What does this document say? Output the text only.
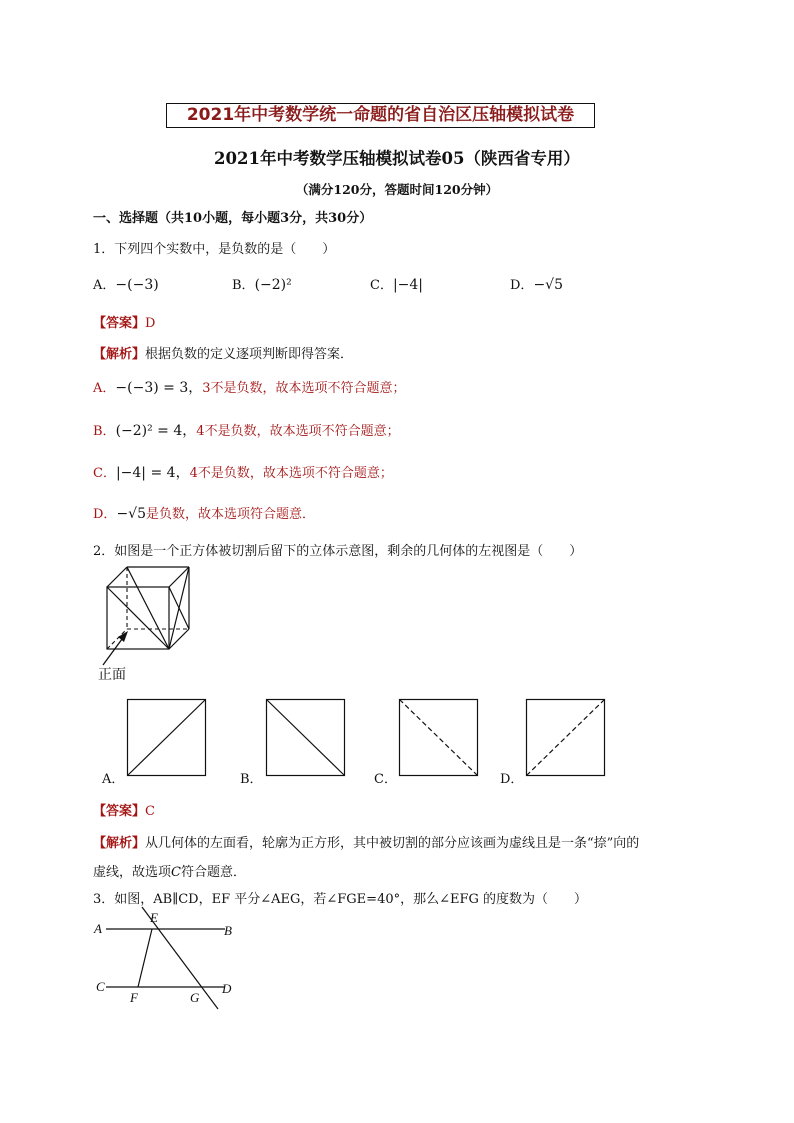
2021年中考数学统一命题的省自治区压轴模拟试卷
2021年中考数学压轴模拟试卷05（陕西省专用）
（满分120分，答题时间120分钟）
一、选择题（共10小题，每小题3分，共30分）
1．下列四个实数中，是负数的是（　　）
A．−(−3)	B．(−2)²	C．|−4|	D．−√5
【答案】D
【解析】根据负数的定义逐项判断即得答案．
A．−(−3) = 3，3不是负数，故本选项不符合题意；
B．(−2)² = 4，4不是负数，故本选项不符合题意；
C．|−4| = 4，4不是负数，故本选项不符合题意；
D．−√5是负数，故本选项符合题意．
2．如图是一个正方体被切割后留下的立体示意图，剩余的几何体的左视图是（　　）
正面
A．	B．	C．	D．
【答案】C
【解析】从几何体的左面看，轮廓为正方形，其中被切割的部分应该画为虚线且是一条“捺”向的
虚线，故选项C符合题意．
3．如图，AB∥CD，EF 平分∠AEG，若∠FGE=40°，那么∠EFG 的度数为（　　）
A	B
C	D
E
F	G
